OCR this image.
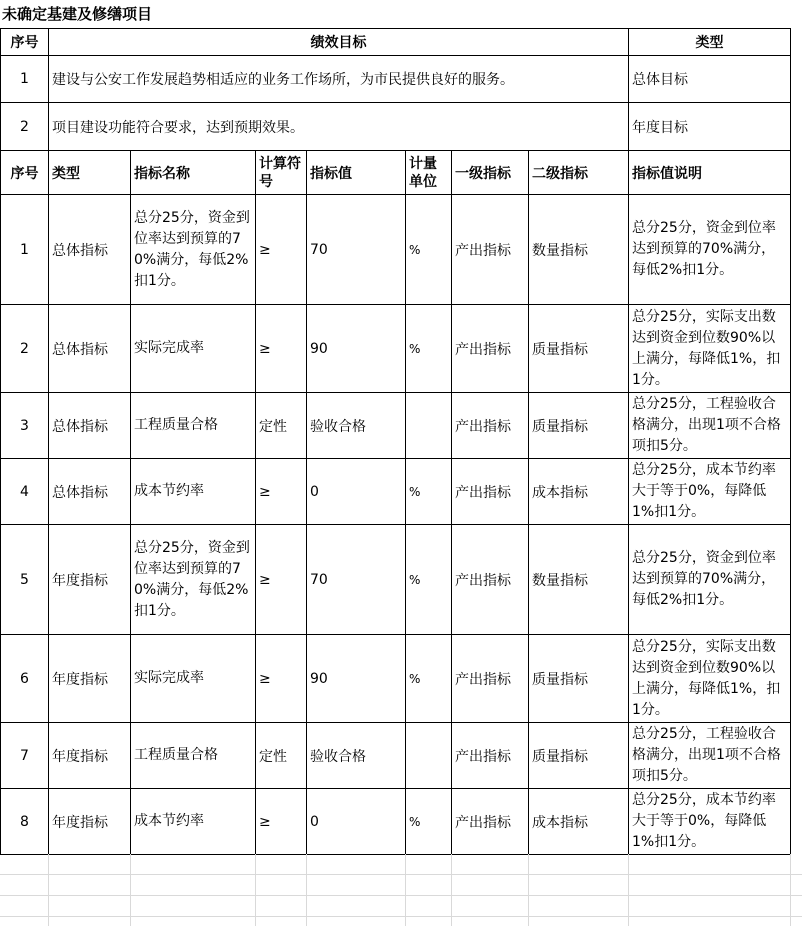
未确定基建及修缮项目
序号	绩效目标	类型
1	建设与公安工作发展趋势相适应的业务工作场所，为市民提供良好的服务。	总体目标
2	项目建设功能符合要求，达到预期效果。	年度目标
序号	类型	指标名称	计算符号	指标值	计量单位	一级指标	二级指标	指标值说明
1	总体指标	总分25分，资金到位率达到预算的70%满分，每低2%扣1分。	≥	70	%	产出指标	数量指标	总分25分，资金到位率达到预算的70%满分，每低2%扣1分。
2	总体指标	实际完成率	≥	90	%	产出指标	质量指标	总分25分，实际支出数达到资金到位数90%以上满分，每降低1%，扣1分。
3	总体指标	工程质量合格	定性	验收合格		产出指标	质量指标	总分25分，工程验收合格满分，出现1项不合格项扣5分。
4	总体指标	成本节约率	≥	0	%	产出指标	成本指标	总分25分，成本节约率大于等于0%，每降低1%扣1分。
5	年度指标	总分25分，资金到位率达到预算的70%满分，每低2%扣1分。	≥	70	%	产出指标	数量指标	总分25分，资金到位率达到预算的70%满分，每低2%扣1分。
6	年度指标	实际完成率	≥	90	%	产出指标	质量指标	总分25分，实际支出数达到资金到位数90%以上满分，每降低1%，扣1分。
7	年度指标	工程质量合格	定性	验收合格		产出指标	质量指标	总分25分，工程验收合格满分，出现1项不合格项扣5分。
8	年度指标	成本节约率	≥	0	%	产出指标	成本指标	总分25分，成本节约率大于等于0%，每降低1%扣1分。
